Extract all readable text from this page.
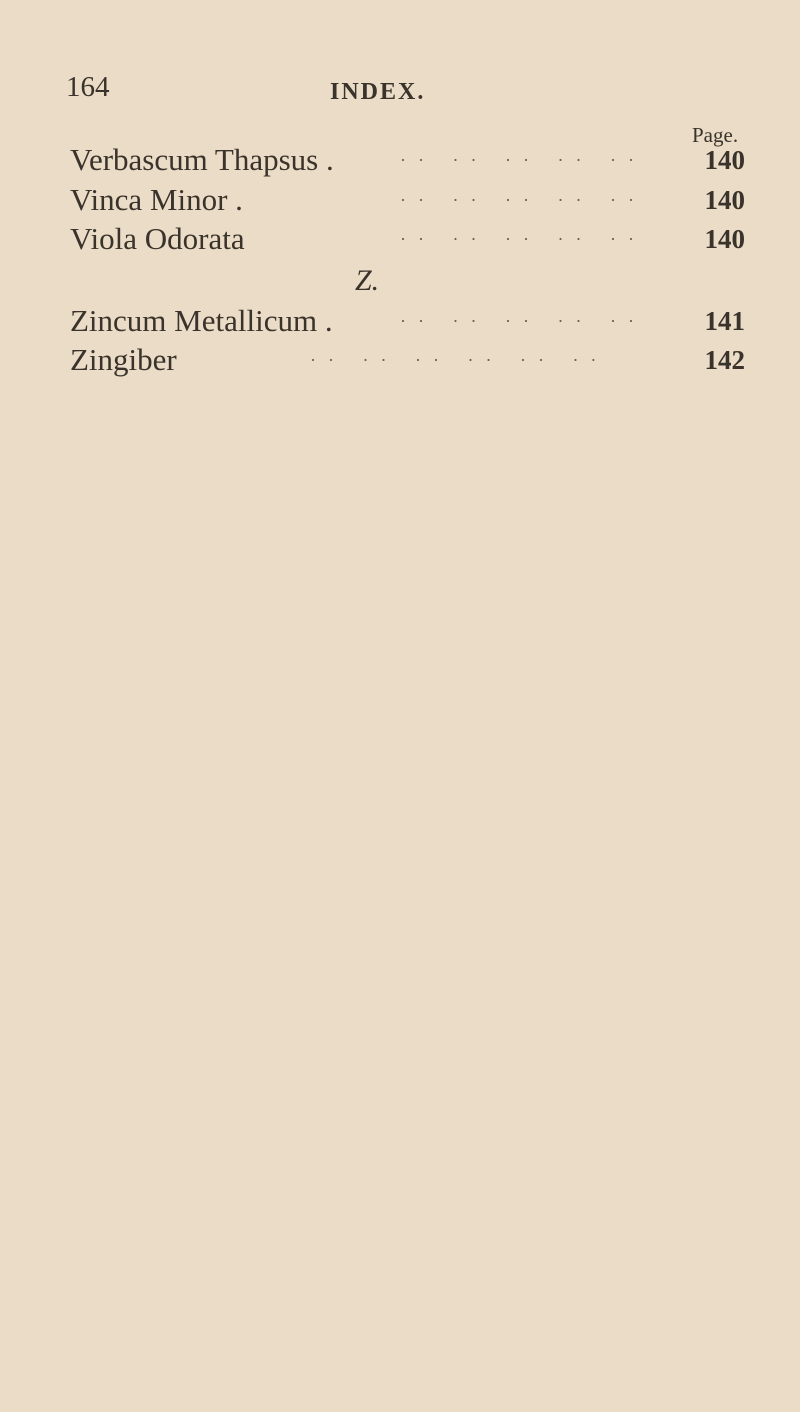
164	INDEX.
Page.
Verbascum Thapsus .	·· ·· ·· ·· ··	140
Vinca Minor .	·· ·· ·· ·· ··	140
Viola Odorata	·· ·· ·· ·· ··	140
Z.
Zincum Metallicum .	·· ·· ·· ·· ··	141
Zingiber	·· ·· ·· ·· ·· ··	142
